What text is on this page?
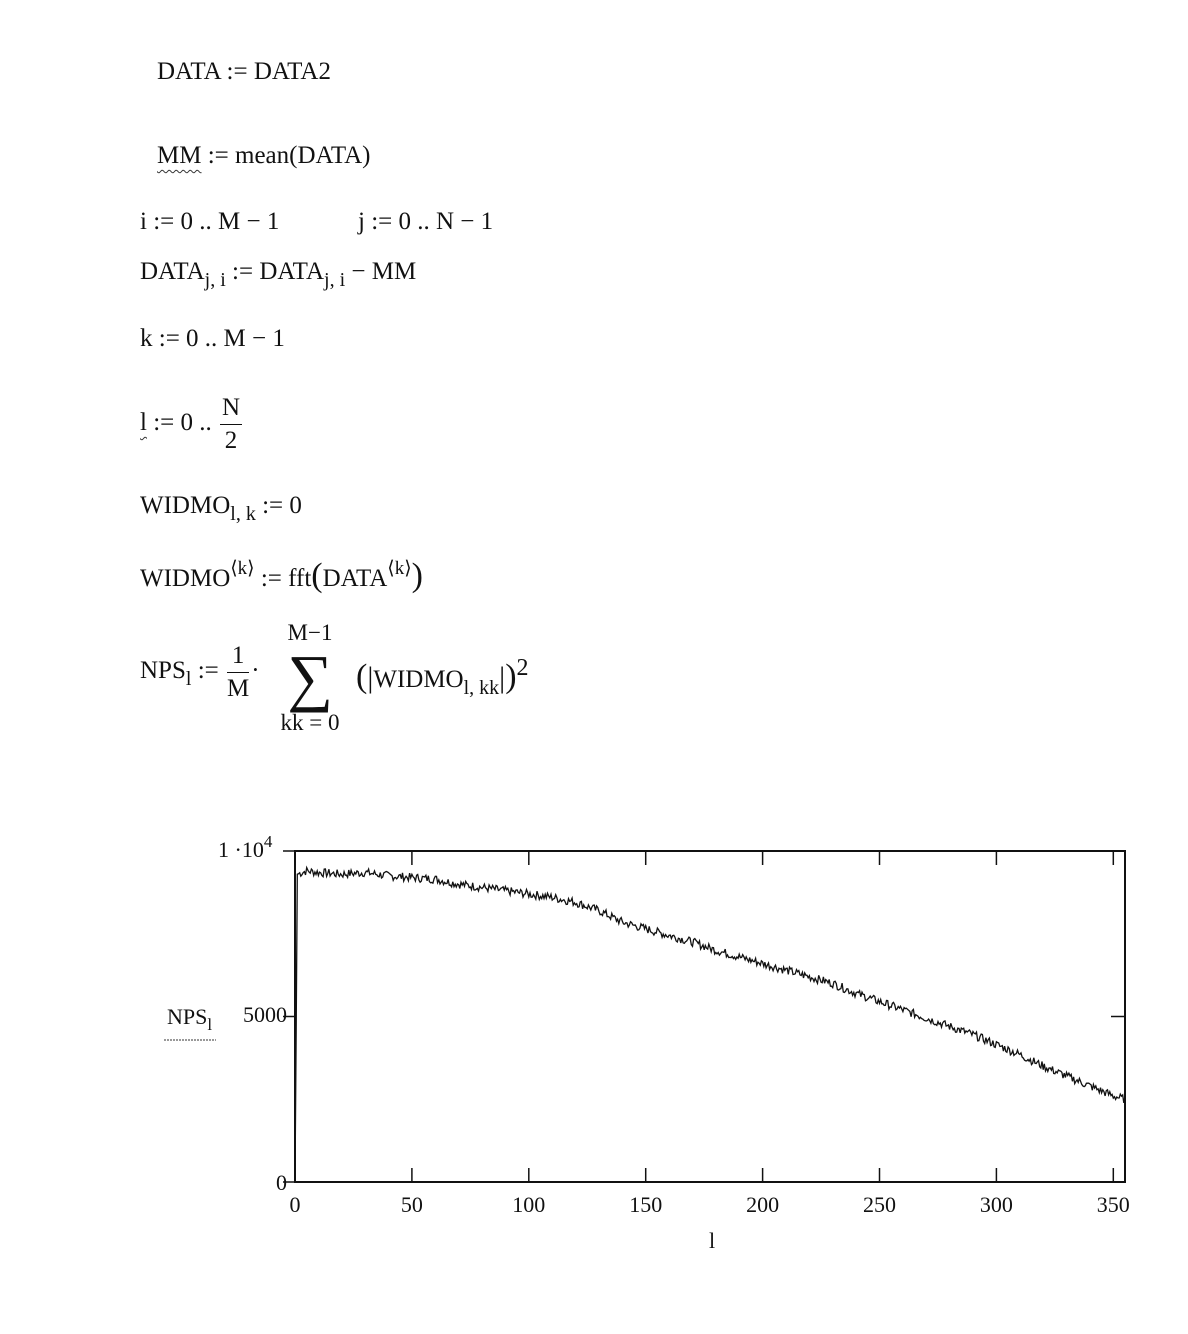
DATA := DATA2
MM := mean(DATA)
i := 0 .. M − 1	j := 0 .. N − 1
$DATA_{j, i}$ := $DATA_{j, i}$ − MM
k := 0 .. M − 1
l := 0 .. $\frac{N}{2}$
$WIDMO_{l, k}$ := 0
$WIDMO^{⟨k⟩}$ := $fft(DATA^{⟨k⟩})$
$NPS_l$ := $\frac{1}{M}$ ·
M−1
∑
kk = 0
$(|WIDMO_{l, kk}|)2$
0	50	100	150	200	250	300	350
$1 \cdot 10^4$
5000
0
$NPS_l$
l
